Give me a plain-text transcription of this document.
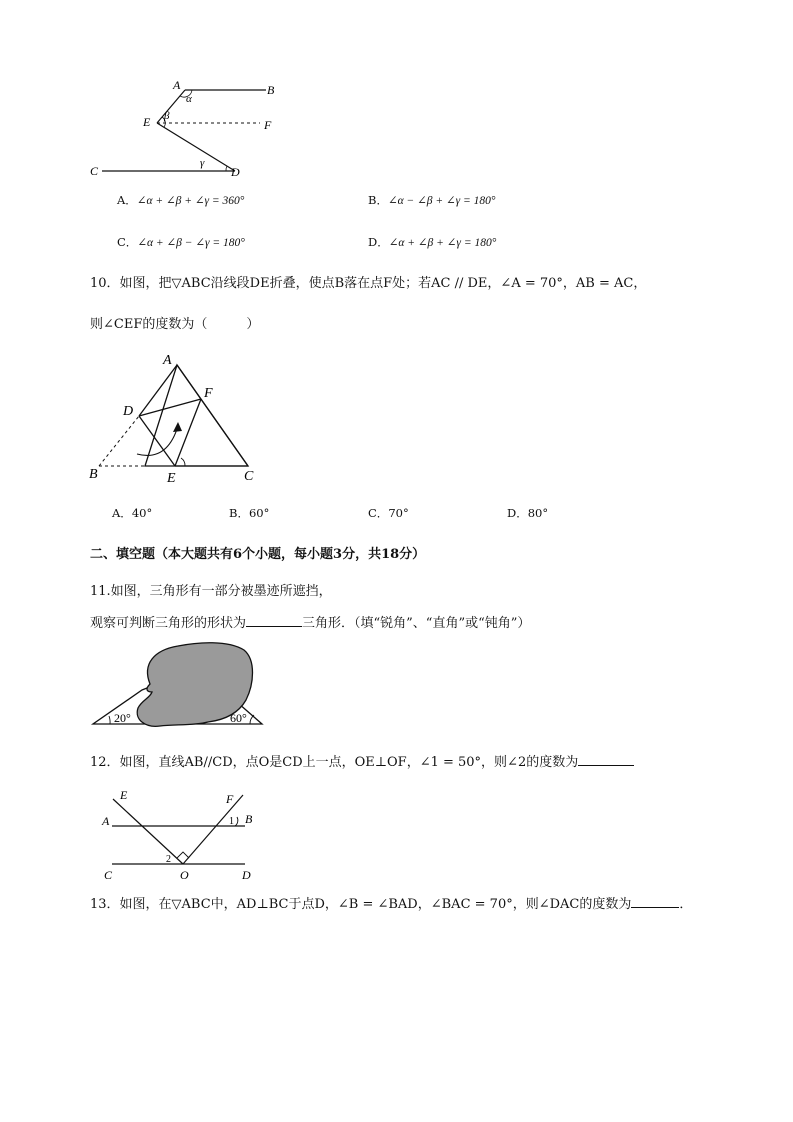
A	B
α
β
E	F
γ
C	D
A．∠α + ∠β + ∠γ = 360°	B．∠α − ∠β + ∠γ = 180°
C．∠α + ∠β − ∠γ = 180°	D．∠α + ∠β + ∠γ = 180°
10．如图，把▽ABC沿线段DE折叠，使点B落在点F处；若AC // DE，∠A = 70°，AB = AC，
则∠CEF的度数为（　　　）
A
F
D
B	E	C
A．40°	B．60°	C．70°	D．80°
二、填空题（本大题共有6个小题，每小题3分，共18分）
11.如图，三角形有一部分被墨迹所遮挡，
观察可判断三角形的形状为	三角形．（填“锐角”、“直角”或“钝角”）
20°	60°
12．如图，直线AB//CD，点O是CD上一点，OE⊥OF，∠1 = 50°，则∠2的度数为
E	F
A	1 B
2
C	O	D
13．如图，在▽ABC中，AD⊥BC于点D，∠B = ∠BAD，∠BAC = 70°，则∠DAC的度数为	．
